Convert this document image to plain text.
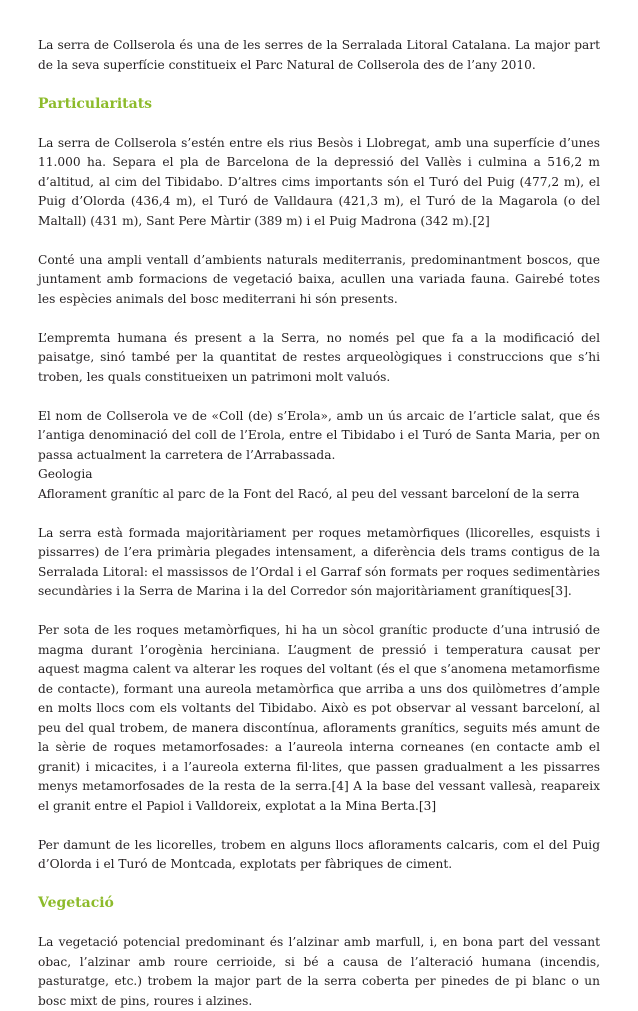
La serra de Collserola és una de les serres de la Serralada Litoral Catalana. La major part de la seva superfície constitueix el Parc Natural de Collserola des de l’any 2010.

Particularitats

La serra de Collserola s’estén entre els rius Besòs i Llobregat, amb una superfície d’unes 11.000 ha. Separa el pla de Barcelona de la depressió del Vallès i culmina a 516,2 m d’altitud, al cim del Tibidabo. D’altres cims importants són el Turó del Puig (477,2 m), el Puig d’Olorda (436,4 m), el Turó de Valldaura (421,3 m), el Turó de la Magarola (o del Maltall) (431 m), Sant Pere Màrtir (389 m) i el Puig Madrona (342 m).[2]

Conté una ampli ventall d’ambients naturals mediterranis, predominantment boscos, que juntament amb formacions de vegetació baixa, acullen una variada fauna. Gairebé totes les espècies animals del bosc mediterrani hi són presents.

L’empremta humana és present a la Serra, no només pel que fa a la modificació del paisatge, sinó també per la quantitat de restes arqueològiques i construccions que s’hi troben, les quals constitueixen un patrimoni molt valuós.

El nom de Collserola ve de «Coll (de) s’Erola», amb un ús arcaic de l’article salat, que és l’antiga denominació del coll de l’Erola, entre el Tibidabo i el Turó de Santa Maria, per on passa actualment la carretera de l’Arrabassada.

Geologia

Aflorament granític al parc de la Font del Racó, al peu del vessant barceloní de la serra

La serra està formada majoritàriament per roques metamòrfiques (llicorelles, esquists i pissarres) de l’era primària plegades intensament, a diferència dels trams contigus de la Serralada Litoral: el massissos de l’Ordal i el Garraf són formats per roques sedimentàries secundàries i la Serra de Marina i la del Corredor són majoritàriament granítiques[3].

Per sota de les roques metamòrfiques, hi ha un sòcol granític producte d’una intrusió de magma durant l’orogènia herciniana. L’augment de pressió i temperatura causat per aquest magma calent va alterar les roques del voltant (és el que s’anomena metamorfisme de contacte), formant una aureola metamòrfica que arriba a uns dos quilòmetres d’ample en molts llocs com els voltants del Tibidabo. Això es pot observar al vessant barceloní, al peu del qual trobem, de manera discontínua, afloraments granítics, seguits més amunt de la sèrie de roques metamorfosades: a l’aureola interna corneanes (en contacte amb el granit) i micacites, i a l’aureola externa fil·lites, que passen gradualment a les pissarres menys metamorfosades de la resta de la serra.[4] A la base del vessant vallesà, reapareix el granit entre el Papiol i Valldoreix, explotat a la Mina Berta.[3]

Per damunt de les licorelles, trobem en alguns llocs afloraments calcaris, com el del Puig d’Olorda i el Turó de Montcada, explotats per fàbriques de ciment.

Vegetació

La vegetació potencial predominant és l’alzinar amb marfull, i, en bona part del vessant obac, l’alzinar amb roure cerrioide, si bé a causa de l’alteració humana (incendis, pasturatge, etc.) trobem la major part de la serra coberta per pinedes de pi blanc o un bosc mixt de pins, roures i alzines.
